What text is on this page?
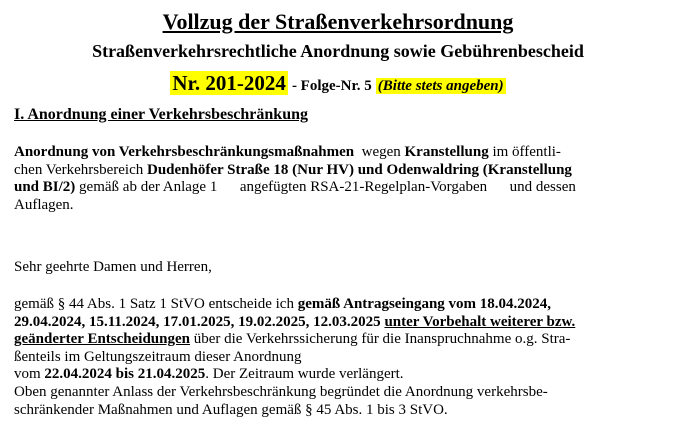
Vollzug der Straßenverkehrsordnung
Straßenverkehrsrechtliche Anordnung sowie Gebührenbescheid
Nr. 201-2024 - Folge-Nr. 5 (Bitte stets angeben)
I. Anordnung einer Verkehrsbeschränkung
Anordnung von Verkehrsbeschränkungsmaßnahmen  wegen Kranstellung im öffentli-
chen Verkehrsbereich Dudenhöfer Straße 18 (Nur HV) und Odenwaldring (Kranstellung
und BI/2) gemäß ab der Anlage 1      angefügten RSA-21-Regelplan-Vorgaben      und dessen
Auflagen.
Sehr geehrte Damen und Herren,
gemäß § 44 Abs. 1 Satz 1 StVO entscheide ich gemäß Antragseingang vom 18.04.2024,
29.04.2024, 15.11.2024, 17.01.2025, 19.02.2025, 12.03.2025 unter Vorbehalt weiterer bzw.
geänderter Entscheidungen über die Verkehrssicherung für die Inanspruchnahme o.g. Stra-
ßenteils im Geltungszeitraum dieser Anordnung
vom 22.04.2024 bis 21.04.2025. Der Zeitraum wurde verlängert.
Oben genannter Anlass der Verkehrsbeschränkung begründet die Anordnung verkehrsbe-
schränkender Maßnahmen und Auflagen gemäß § 45 Abs. 1 bis 3 StVO.
